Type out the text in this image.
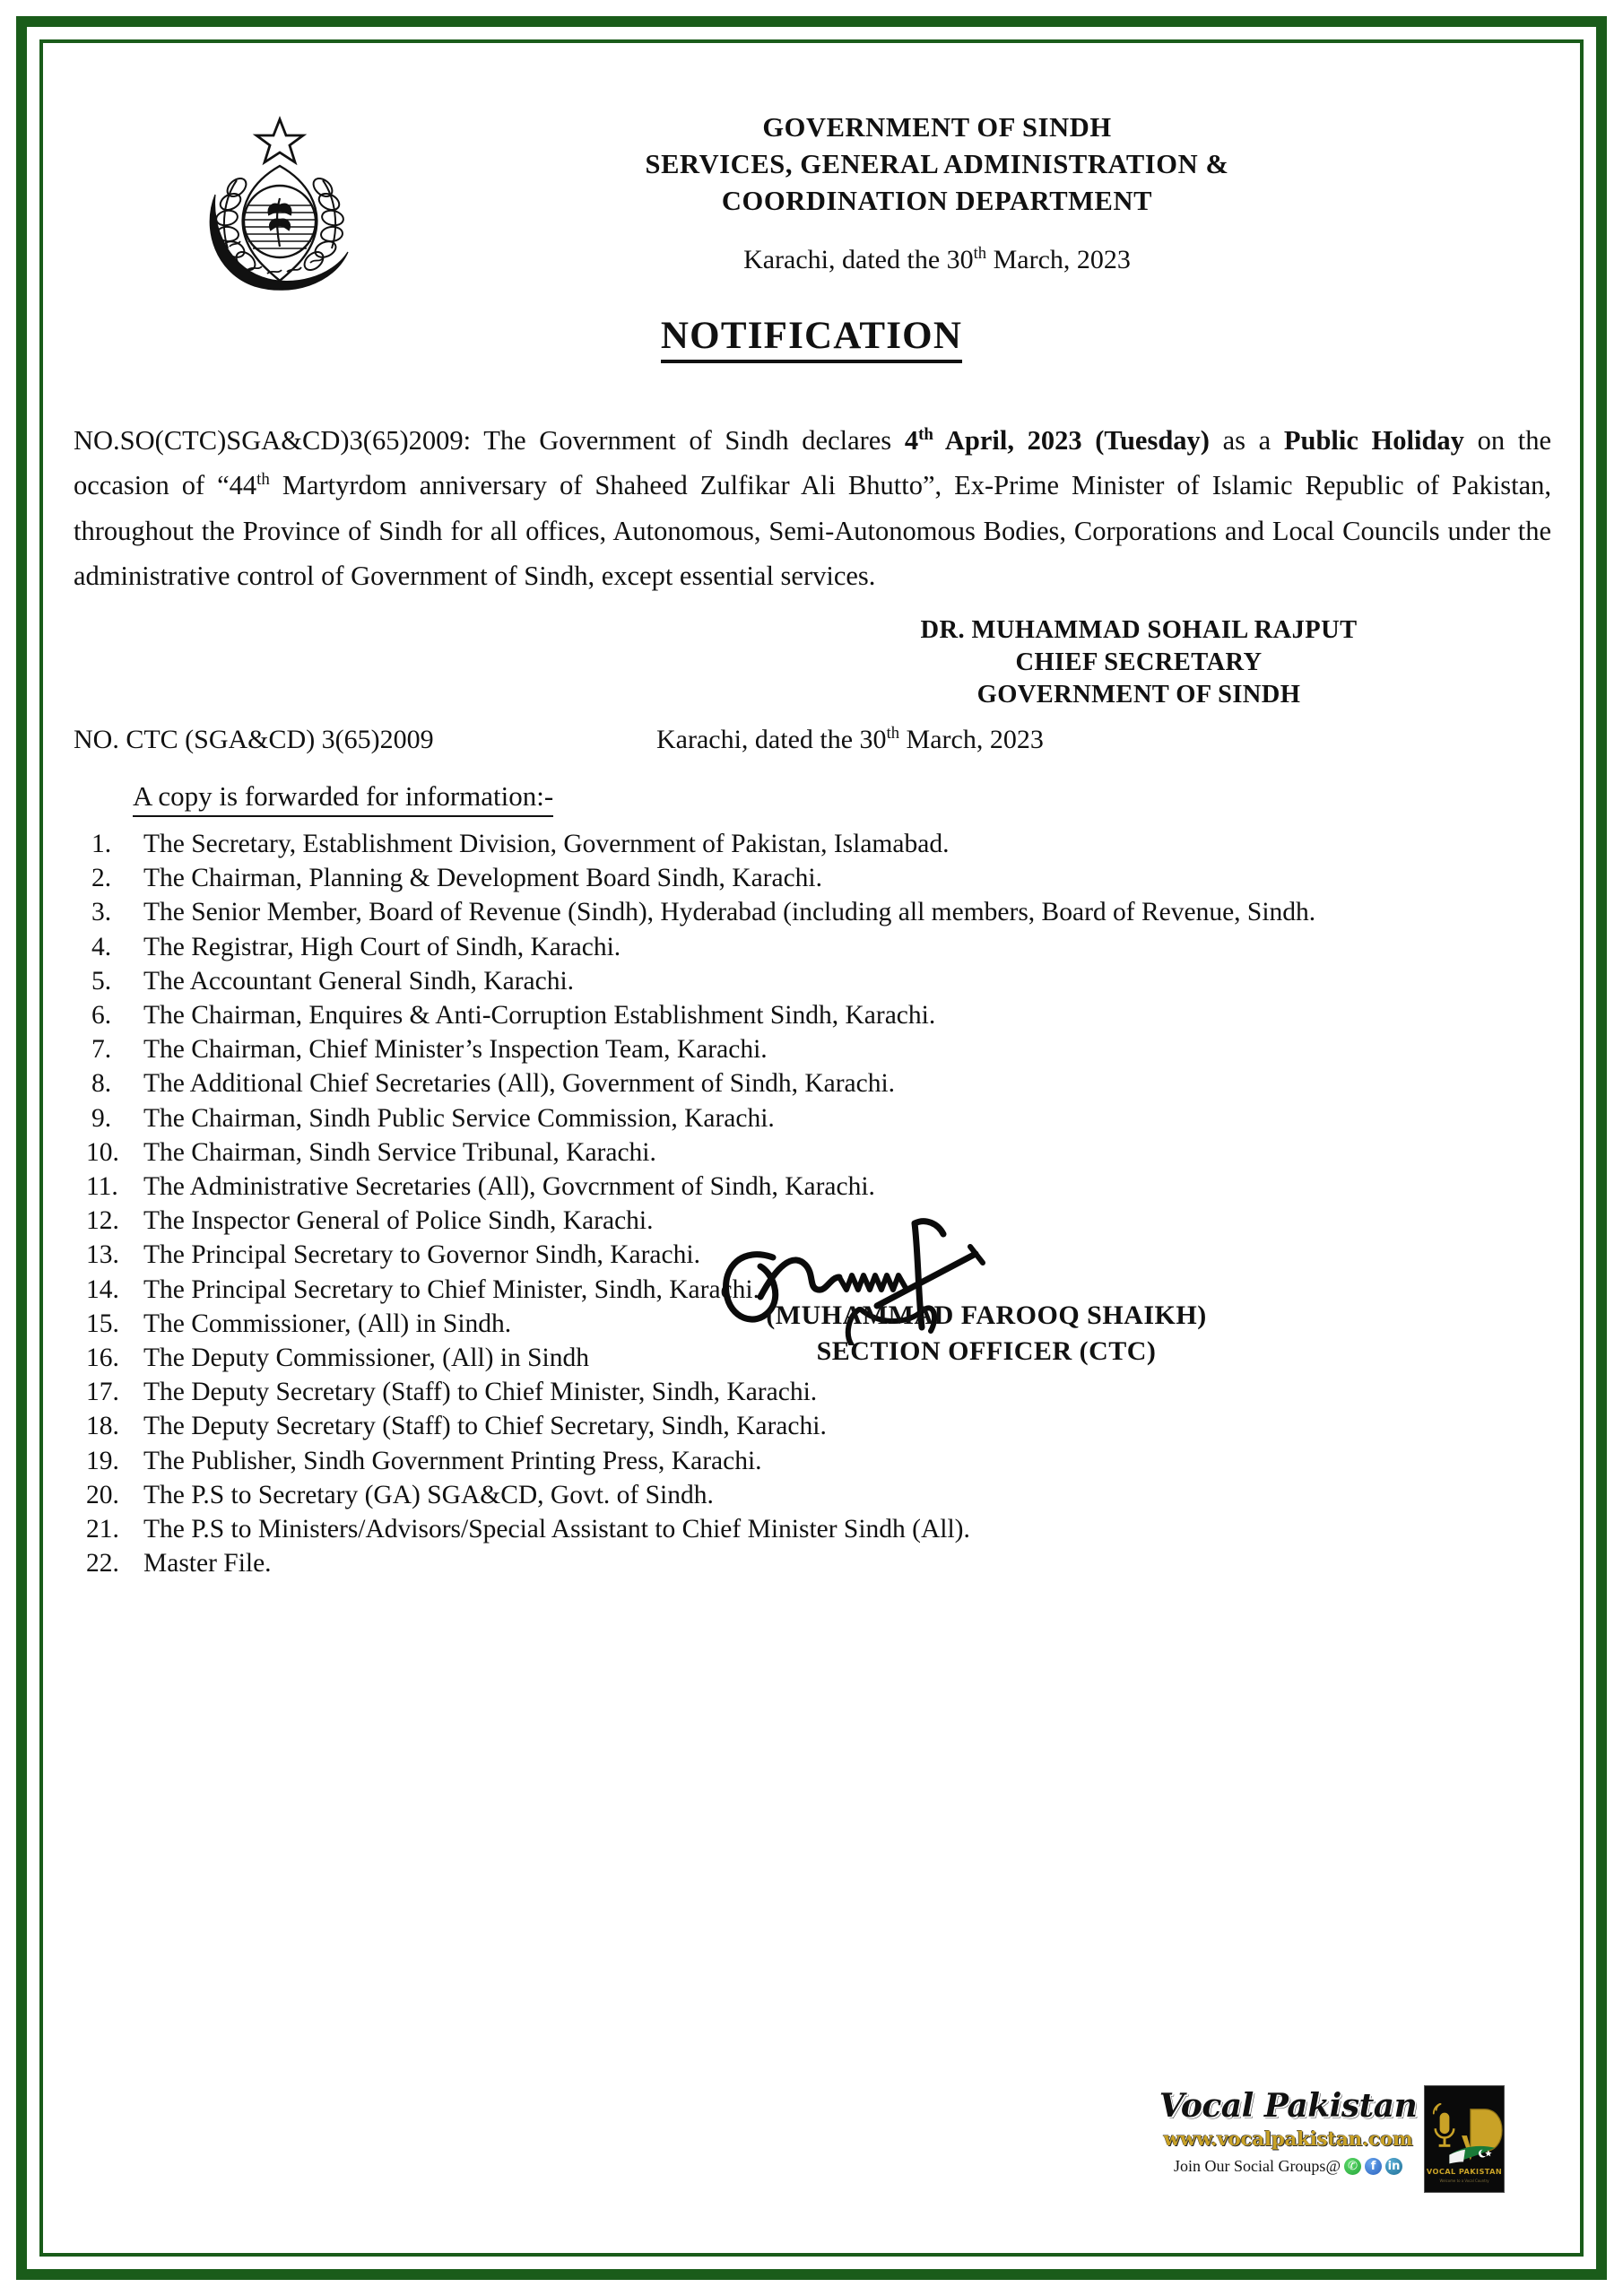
GOVERNMENT OF SINDH
SERVICES, GENERAL ADMINISTRATION &
COORDINATION DEPARTMENT
Karachi, dated the 30th March, 2023
NOTIFICATION

NO.SO(CTC)SGA&CD)3(65)2009: The Government of Sindh declares 4th April, 2023 (Tuesday) as a Public Holiday on the occasion of “44th Martyrdom anniversary of Shaheed Zulfikar Ali Bhutto”, Ex-Prime Minister of Islamic Republic of Pakistan, throughout the Province of Sindh for all offices, Autonomous, Semi-Autonomous Bodies, Corporations and Local Councils under the administrative control of Government of Sindh, except essential services.

DR. MUHAMMAD SOHAIL RAJPUT
CHIEF SECRETARY
GOVERNMENT OF SINDH
NO. CTC (SGA&CD) 3(65)2009	Karachi, dated the 30th March, 2023
A copy is forwarded for information:-
1.	The Secretary, Establishment Division, Government of Pakistan, Islamabad.
2.	The Chairman, Planning & Development Board Sindh, Karachi.
3.	The Senior Member, Board of Revenue (Sindh), Hyderabad (including all members, Board of Revenue, Sindh.
4.	The Registrar, High Court of Sindh, Karachi.
5.	The Accountant General Sindh, Karachi.
6.	The Chairman, Enquires & Anti-Corruption Establishment Sindh, Karachi.
7.	The Chairman, Chief Minister’s Inspection Team, Karachi.
8.	The Additional Chief Secretaries (All), Government of Sindh, Karachi.
9.	The Chairman, Sindh Public Service Commission, Karachi.
10. The Chairman, Sindh Service Tribunal, Karachi.
11. The Administrative Secretaries (All), Govcrnment of Sindh, Karachi.
12. The Inspector General of Police Sindh, Karachi.
13. The Principal Secretary to Governor Sindh, Karachi.
14. The Principal Secretary to Chief Minister, Sindh, Karachi.
15. The Commissioner, (All) in Sindh.
16. The Deputy Commissioner, (All) in Sindh
17. The Deputy Secretary (Staff) to Chief Minister, Sindh, Karachi.
18. The Deputy Secretary (Staff) to Chief Secretary, Sindh, Karachi.
19. The Publisher, Sindh Government Printing Press, Karachi.
20. The P.S to Secretary (GA) SGA&CD, Govt. of Sindh.
21. The P.S to Ministers/Advisors/Special Assistant to Chief Minister Sindh (All).
22. Master File.
(MUHAMMAD FAROOQ SHAIKH)
SECTION OFFICER (CTC)
Vocal Pakistan
www.vocalpakistan.com
Join Our Social Groups@ ✆	f	in	VOCAL PAKISTAN
Welcome to a Vocal Country
